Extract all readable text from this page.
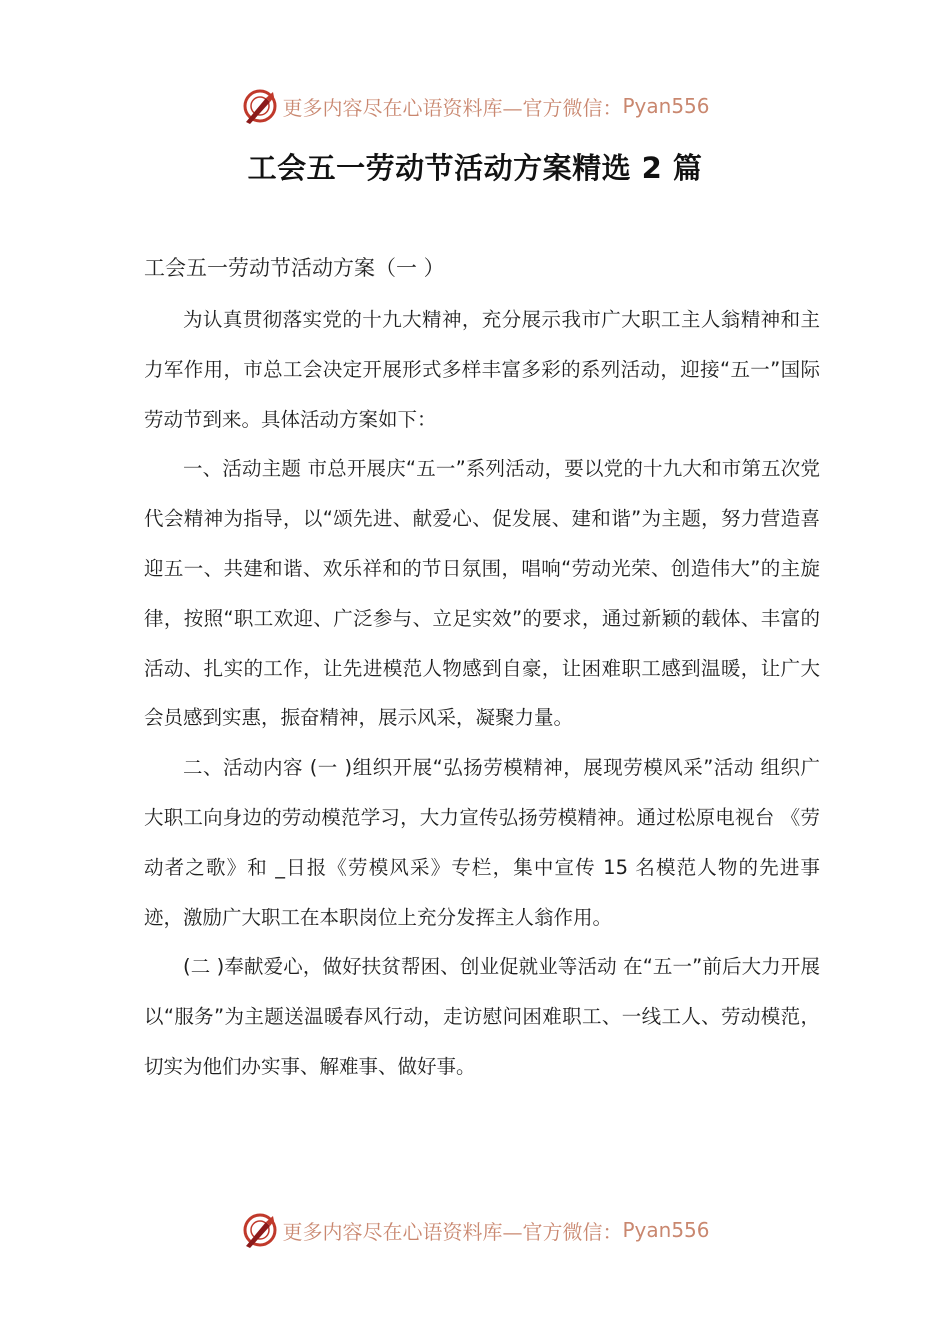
更多内容尽在心语资料库—官方微信： Pyan556
工会五一劳动节活动方案精选 2 篇
工会五一劳动节活动方案（一 ）

为认真贯彻落实党的十九大精神，充分展示我市广大职工主人翁精神和主力军作用，市总工会决定开展形式多样丰富多彩的系列活动，迎接“五一”国际劳动节到来。具体活动方案如下：

一、活动主题 市总开展庆“五一”系列活动，要以党的十九大和市第五次党代会精神为指导，以“颂先进、献爱心、促发展、建和谐”为主题，努力营造喜迎五一、共建和谐、欢乐祥和的节日氛围，唱响“劳动光荣、创造伟大”的主旋律，按照“职工欢迎、广泛参与、立足实效”的要求，通过新颖的载体、丰富的活动、扎实的工作，让先进模范人物感到自豪，让困难职工感到温暖，让广大会员感到实惠，振奋精神，展示风采，凝聚力量。

二、活动内容 (一 )组织开展“弘扬劳模精神，展现劳模风采”活动 组织广大职工向身边的劳动模范学习，大力宣传弘扬劳模精神。通过松原电视台 《劳动者之歌》和 _日报《劳模风采》专栏，集中宣传 15 名模范人物的先进事迹，激励广大职工在本职岗位上充分发挥主人翁作用。

(二 )奉献爱心，做好扶贫帮困、创业促就业等活动 在“五一”前后大力开展以“服务”为主题送温暖春风行动，走访慰问困难职工、一线工人、劳动模范，切实为他们办实事、解难事、做好事。

更多内容尽在心语资料库—官方微信： Pyan556
